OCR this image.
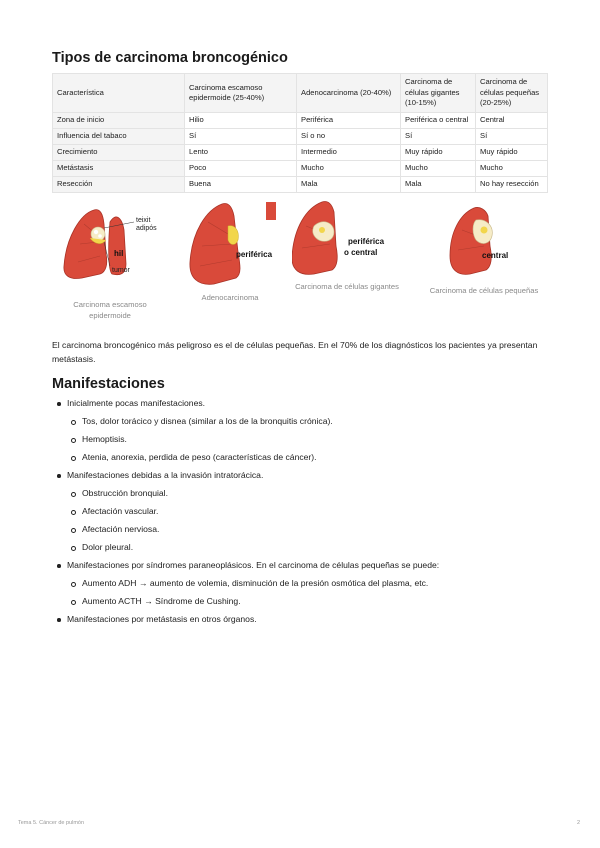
Tipos de carcinoma broncogénico
Característica	Carcinoma escamoso epidermoide (25-40%)	Adenocarcinoma (20-40%)	Carcinoma de células gigantes (10-15%)	Carcinoma de células pequeñas (20-25%)
Zona de inicio	Hilio	Periférica	Periférica o central	Central
Influencia del tabaco	Sí	Sí o no	Sí	Sí
Crecimiento	Lento	Intermedio	Muy rápido	Muy rápido
Metástasis	Poco	Mucho	Mucho	Mucho
Resección	Buena	Mala	Mala	No hay resección
teixit
adipós
hil
tumor
Carcinoma escamoso epidermoide
periférica
Adenocarcinoma
periférica
o central
Carcinoma de células gigantes
central
Carcinoma de células pequeñas

El carcinoma broncogénico más peligroso es el de células pequeñas. En el 70% de los diagnósticos los pacientes ya presentan metástasis.

Manifestaciones
Inicialmente pocas manifestaciones.
Tos, dolor torácico y disnea (similar a los de la bronquitis crónica).
Hemoptisis.
Atenia, anorexia, perdida de peso (características de cáncer).
Manifestaciones debidas a la invasión intratorácica.
Obstrucción bronquial.
Afectación vascular.
Afectación nerviosa.
Dolor pleural.
Manifestaciones por síndromes paraneoplásicos. En el carcinoma de células pequeñas se puede:
Aumento ADH → aumento de volemia, disminución de la presión osmótica del plasma, etc.
Aumento ACTH → Síndrome de Cushing.
Manifestaciones por metástasis en otros órganos.
Tema 5. Cáncer de pulmón	2
